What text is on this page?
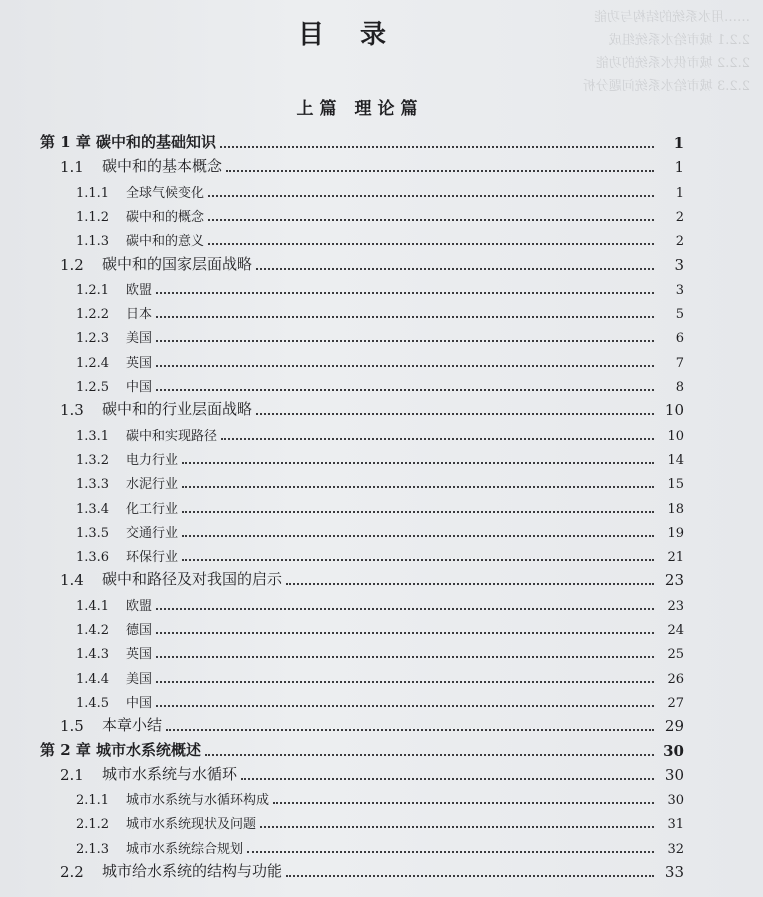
……用水系统的结构与功能
2.2.1 城市给水系统组成
2.2.2 城市供水系统的功能
2.2.3 城市给水系统问题分析
目录
上篇 理论篇
第 1 章 碳中和的基础知识	1
1.1	碳中和的基本概念	1
1.1.1	全球气候变化	1
1.1.2	碳中和的概念	2
1.1.3	碳中和的意义	2
1.2	碳中和的国家层面战略	3
1.2.1	欧盟	3
1.2.2	日本	5
1.2.3	美国	6
1.2.4	英国	7
1.2.5	中国	8
1.3	碳中和的行业层面战略	10
1.3.1	碳中和实现路径	10
1.3.2	电力行业	14
1.3.3	水泥行业	15
1.3.4	化工行业	18
1.3.5	交通行业	19
1.3.6	环保行业	21
1.4	碳中和路径及对我国的启示	23
1.4.1	欧盟	23
1.4.2	德国	24
1.4.3	英国	25
1.4.4	美国	26
1.4.5	中国	27
1.5	本章小结	29
第 2 章 城市水系统概述	30
2.1	城市水系统与水循环	30
2.1.1	城市水系统与水循环构成	30
2.1.2	城市水系统现状及问题	31
2.1.3	城市水系统综合规划	32
2.2	城市给水系统的结构与功能	33
